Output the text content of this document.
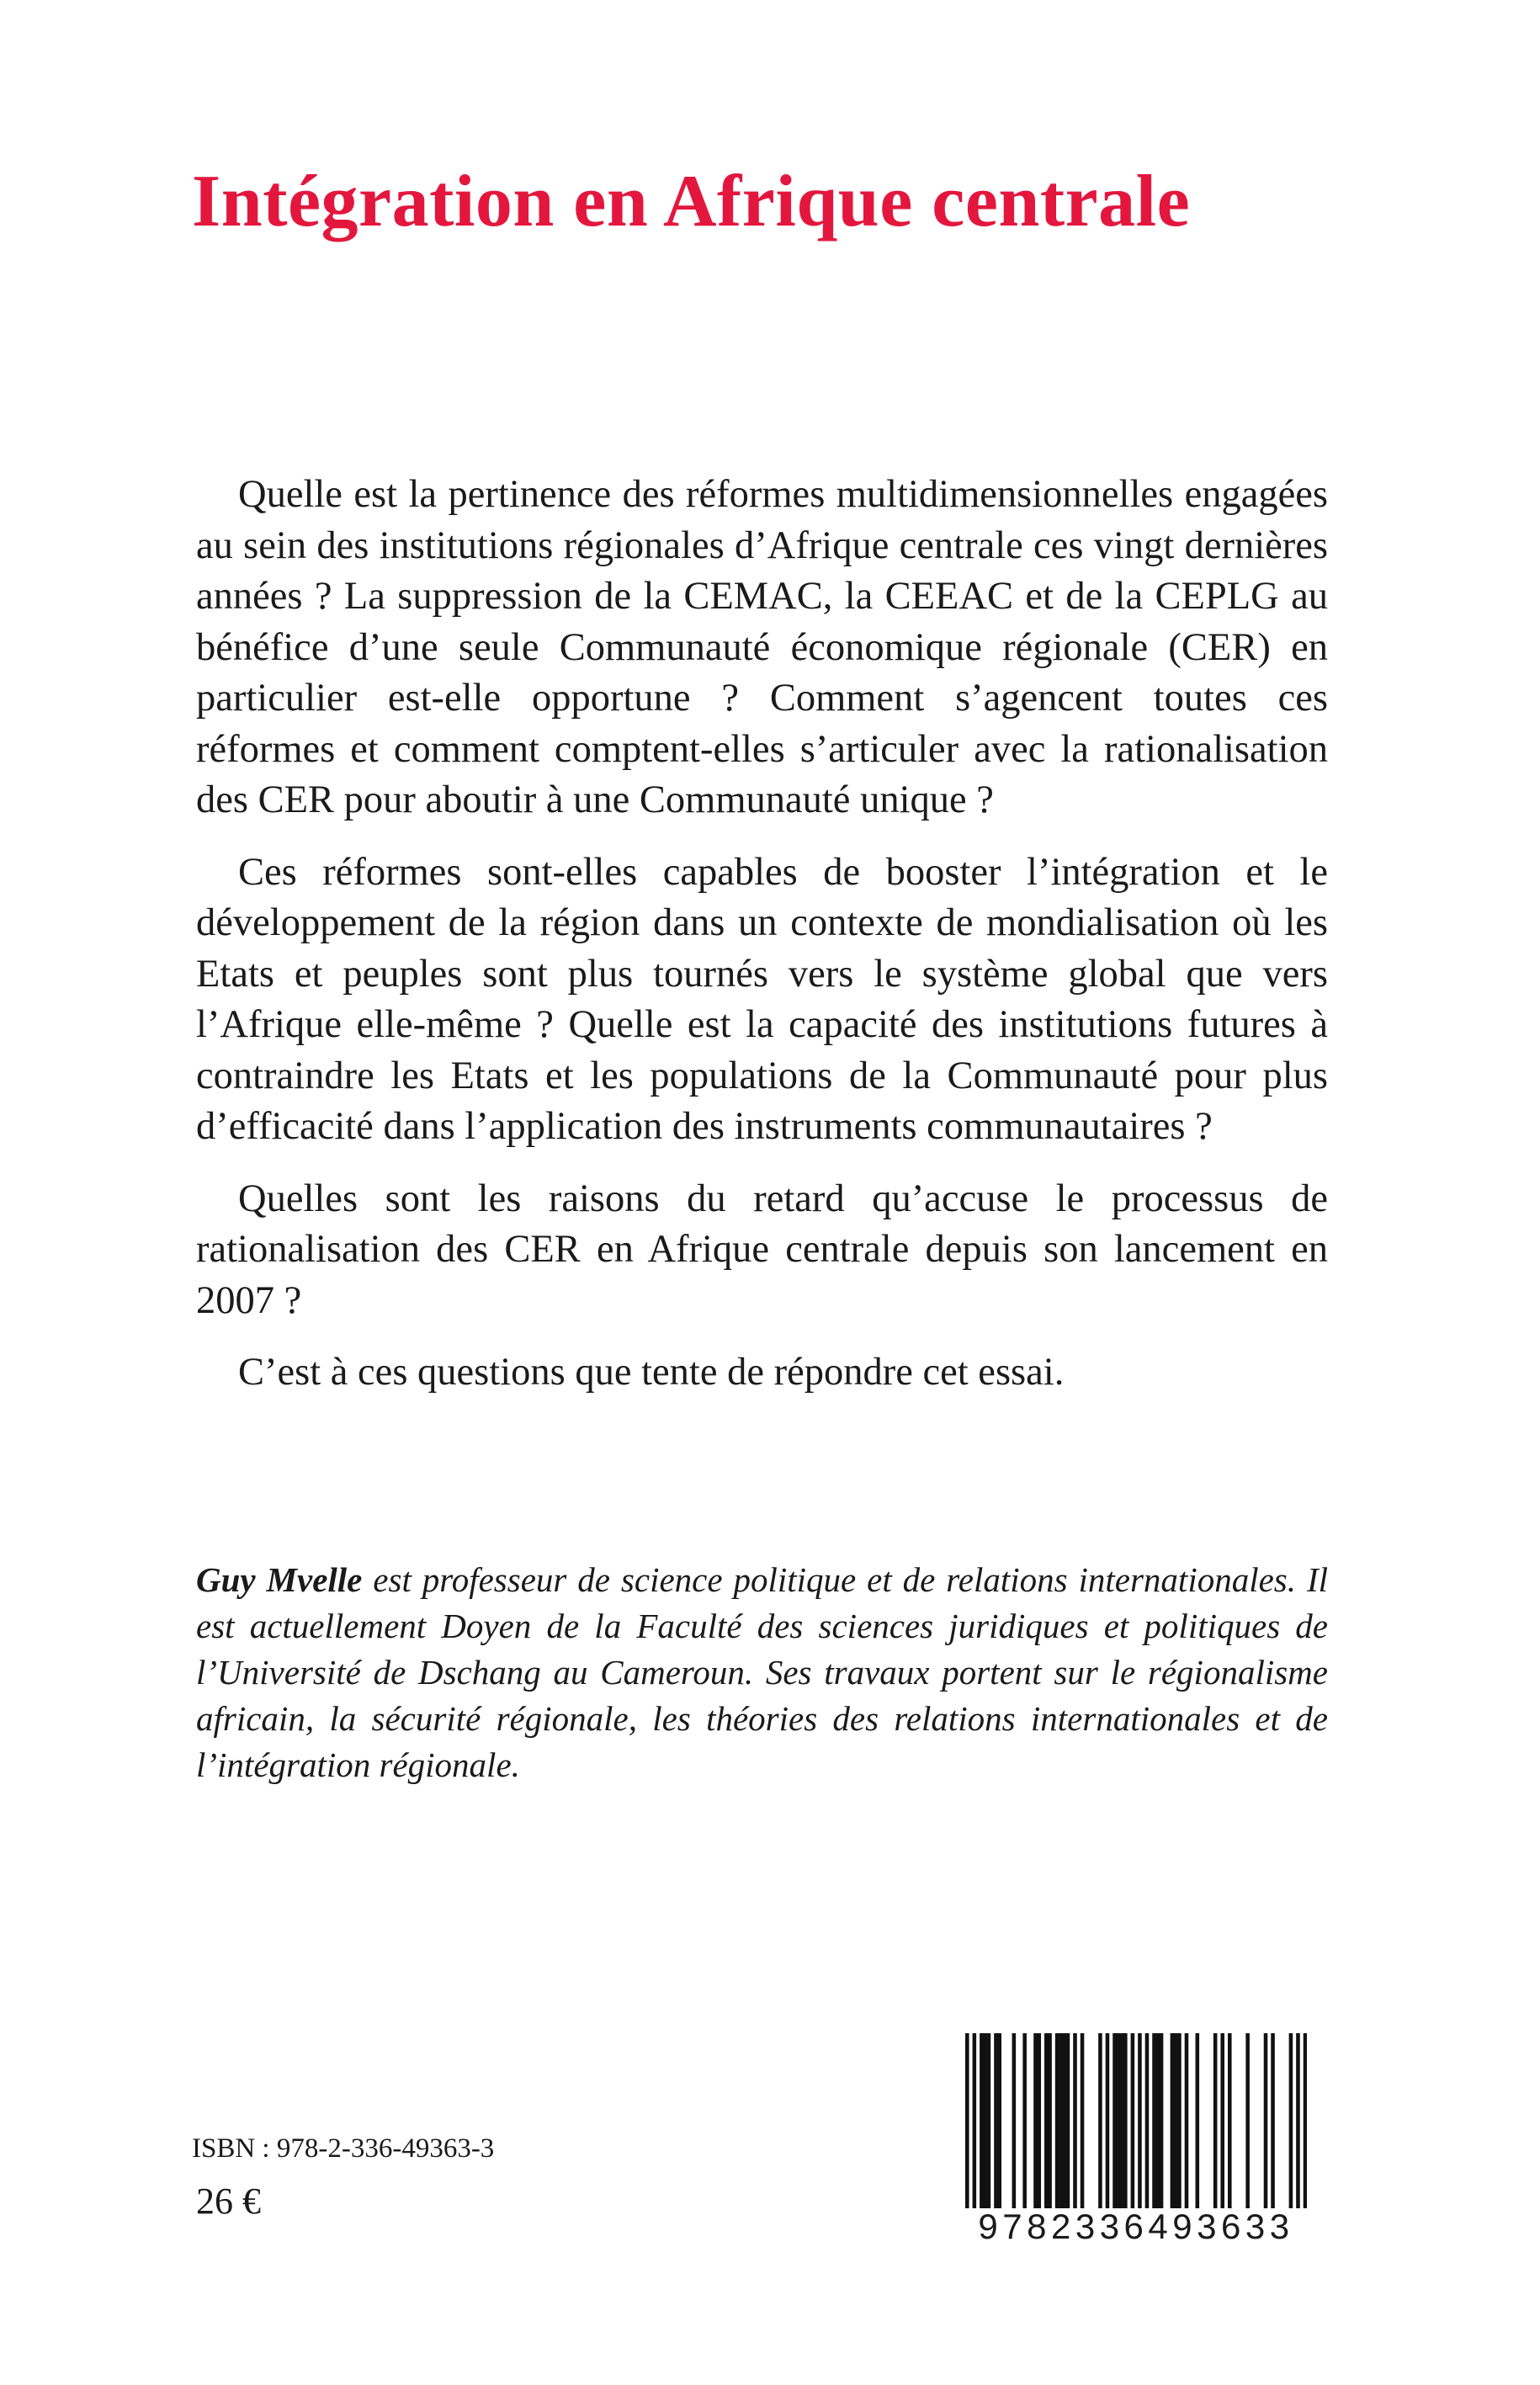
Intégration en Afrique centrale

Quelle est la pertinence des réformes multidimensionnelles engagées au sein des institutions régionales d’Afrique centrale ces vingt dernières années ? La suppression de la CEMAC, la CEEAC et de la CEPLG au bénéfice d’une seule Communauté économique régionale (CER) en particulier est-elle opportune ? Comment s’agencent toutes ces réformes et comment comptent-elles s’articuler avec la rationalisation des CER pour aboutir à une Communauté unique ?

Ces réformes sont-elles capables de booster l’intégration et le développement de la région dans un contexte de mondialisation où les Etats et peuples sont plus tournés vers le système global que vers l’Afrique elle-même ? Quelle est la capacité des institutions futures à contraindre les Etats et les populations de la Communauté pour plus d’efficacité dans l’application des instruments communautaires ?

Quelles sont les raisons du retard qu’accuse le processus de rationalisation des CER en Afrique centrale depuis son lancement en 2007 ?

C’est à ces questions que tente de répondre cet essai.

Guy Mvelle est professeur de science politique et de relations internationales. Il est actuellement Doyen de la Faculté des sciences juridiques et politiques de l’Université de Dschang au Cameroun. Ses travaux portent sur le régionalisme africain, la sécurité régionale, les théories des relations internationales et de l’intégration régionale.

ISBN : 978-2-336-49363-3
26 €
9782336493633
